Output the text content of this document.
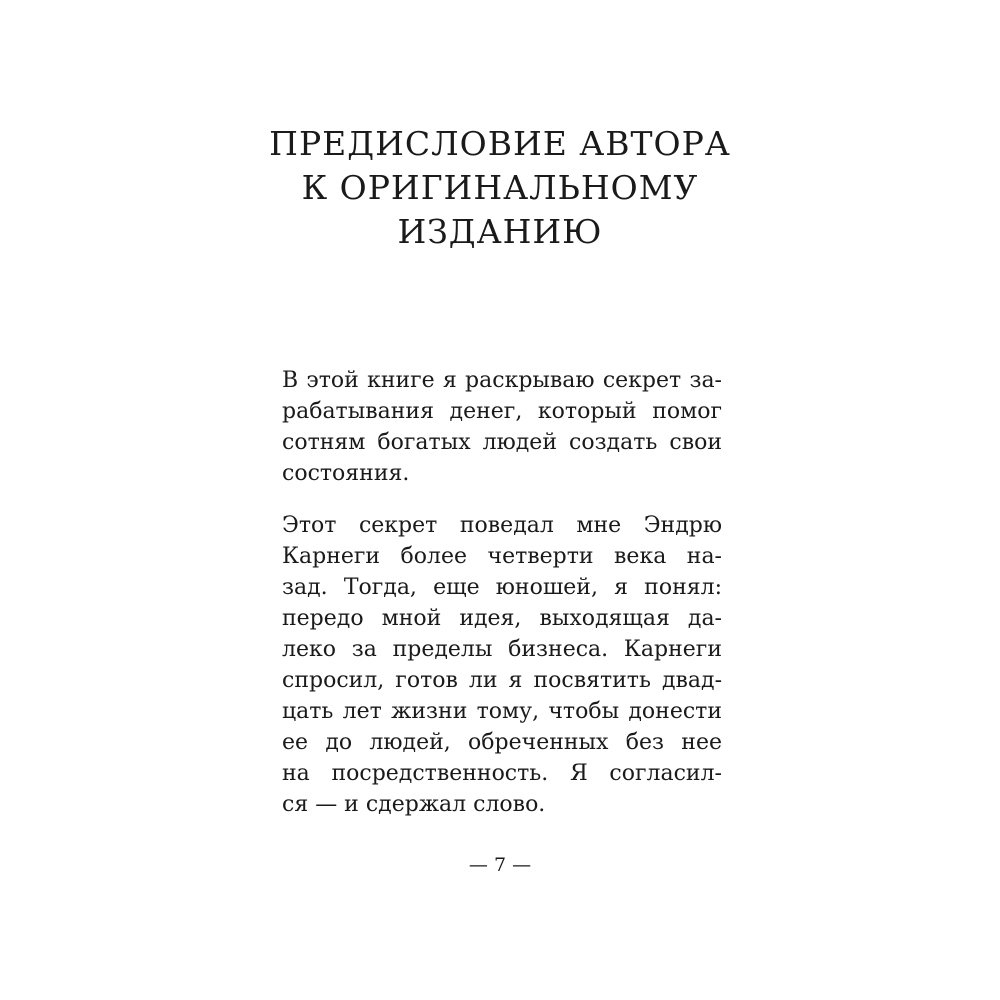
ПРЕДИСЛОВИЕ АВТОРА
К ОРИГИНАЛЬНОМУ
ИЗДАНИЮ
В этой книге я раскрываю секрет за-
рабатывания денег, который помог
сотням богатых людей создать свои
состояния.
Этот секрет поведал мне Эндрю
Карнеги более четверти века на-
зад. Тогда, еще юношей, я понял:
передо мной идея, выходящая да-
леко за пределы бизнеса. Карнеги
спросил, готов ли я посвятить двад-
цать лет жизни тому, чтобы донести
ее до людей, обреченных без нее
на посредственность. Я согласил-
ся — и сдержал слово.
— 7 —
